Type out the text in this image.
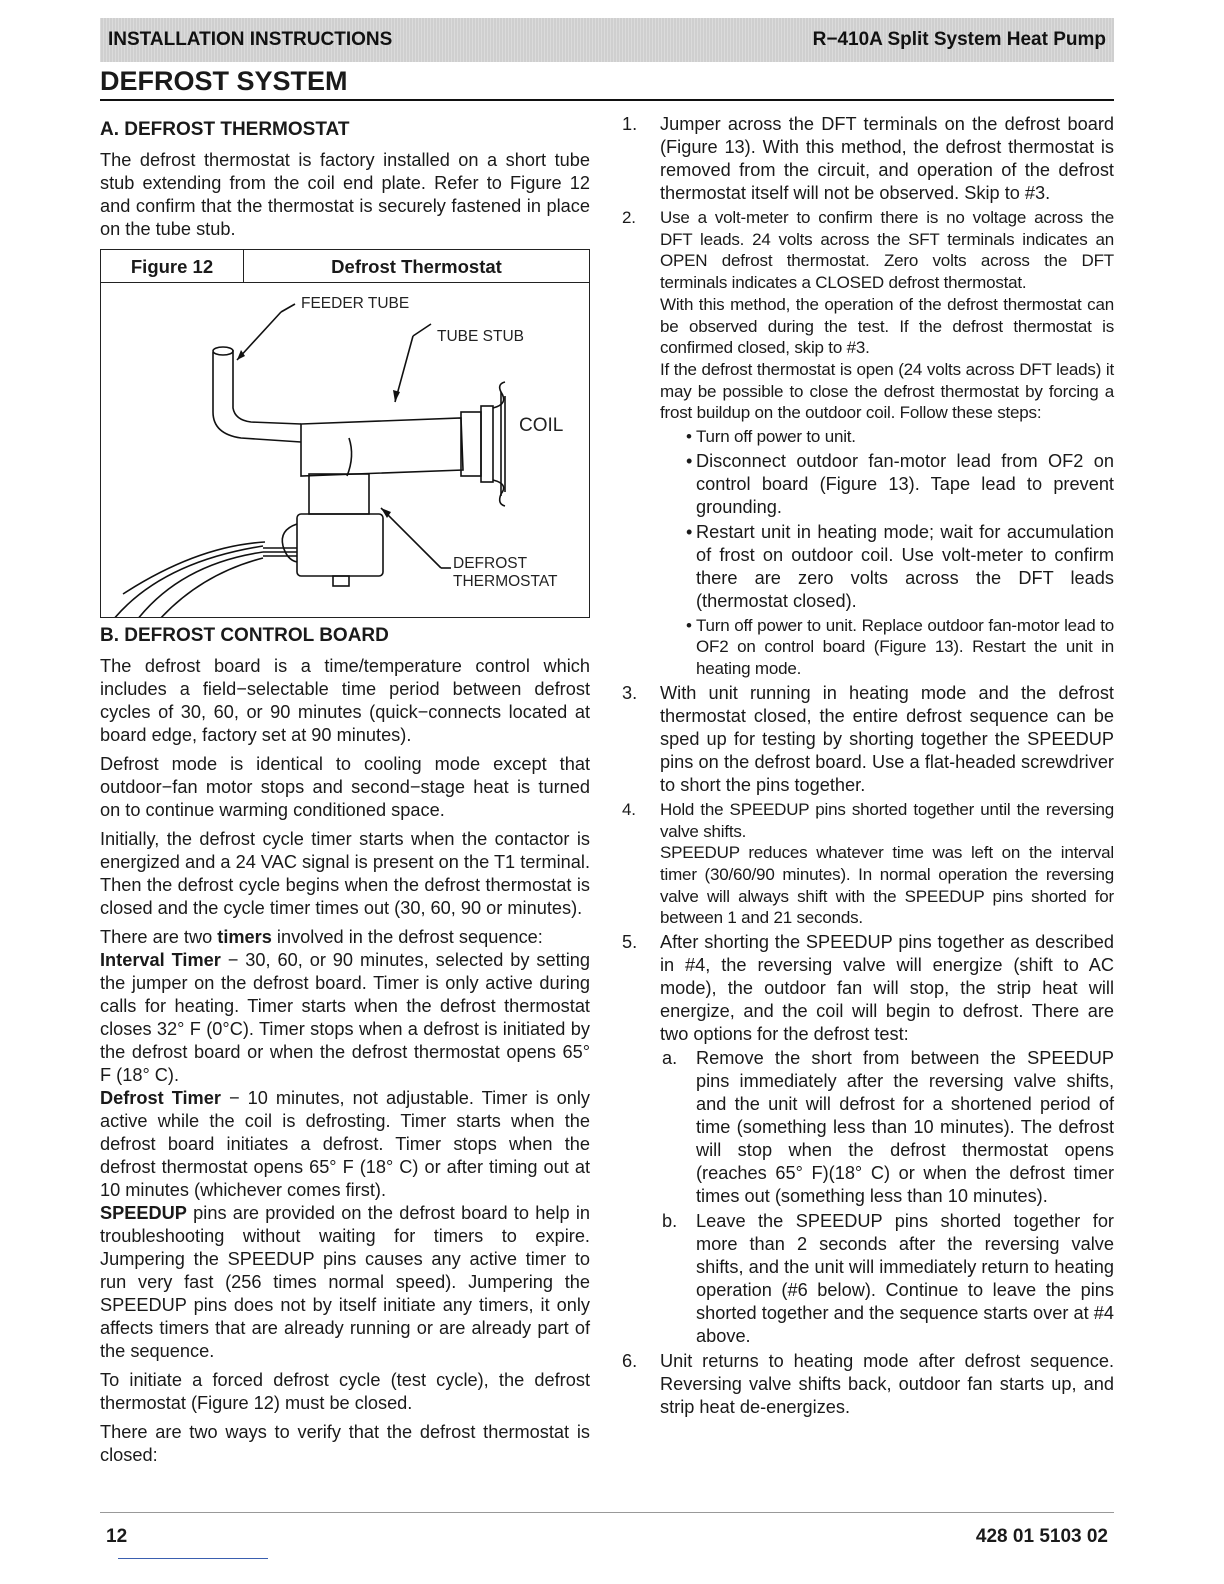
INSTALLATION INSTRUCTIONS	R−410A Split System Heat Pump
DEFROST SYSTEM
A. DEFROST THERMOSTAT

The defrost thermostat is factory installed on a short tube stub extending from the coil end plate. Refer to Figure 12 and confirm that the thermostat is securely fastened in place on the tube stub.

Figure 12	Defrost Thermostat
FEEDER TUBE
TUBE STUB
COIL
DEFROST
THERMOSTAT
B. DEFROST CONTROL BOARD

The defrost board is a time/temperature control which includes a field−selectable time period between defrost cycles of 30, 60, or 90 minutes (quick−connects located at board edge, factory set at 90 minutes).

Defrost mode is identical to cooling mode except that outdoor−fan motor stops and second−stage heat is turned on to continue warming conditioned space.

Initially, the defrost cycle timer starts when the contactor is energized and a 24 VAC signal is present on the T1 terminal. Then the defrost cycle begins when the defrost thermostat is closed and the cycle timer times out (30, 60, 90 or minutes).

There are two timers involved in the defrost sequence:

Interval Timer − 30, 60, or 90 minutes, selected by setting the jumper on the defrost board. Timer is only active during calls for heating. Timer starts when the defrost thermostat closes 32° F (0°C). Timer stops when a defrost is initiated by the defrost board or when the defrost thermostat opens 65° F (18° C).

Defrost Timer − 10 minutes, not adjustable. Timer is only active while the coil is defrosting. Timer starts when the defrost board initiates a defrost. Timer stops when the defrost thermostat opens 65° F (18° C) or after timing out at 10 minutes (whichever comes first).

SPEEDUP pins are provided on the defrost board to help in troubleshooting without waiting for timers to expire. Jumpering the SPEEDUP pins causes any active timer to run very fast (256 times normal speed). Jumpering the SPEEDUP pins does not by itself initiate any timers, it only affects timers that are already running or are already part of the sequence.

To initiate a forced defrost cycle (test cycle), the defrost thermostat (Figure 12) must be closed.

There are two ways to verify that the defrost thermostat is closed:

1. Jumper across the DFT terminals on the defrost board (Figure 13). With this method, the defrost thermostat is removed from the circuit, and operation of the defrost thermostat itself will not be observed. Skip to #3.
2. Use a volt-meter to confirm there is no voltage across the DFT leads. 24 volts across the SFT terminals indicates an OPEN defrost thermostat. Zero volts across the DFT terminals indicates a CLOSED defrost thermostat.
With this method, the operation of the defrost thermostat can be observed during the test. If the defrost thermostat is confirmed closed, skip to #3.
If the defrost thermostat is open (24 volts across DFT leads) it may be possible to close the defrost thermostat by forcing a frost buildup on the outdoor coil. Follow these steps:
• Turn off power to unit.
• Disconnect outdoor fan-motor lead from OF2 on control board (Figure 13). Tape lead to prevent grounding.
• Restart unit in heating mode; wait for accumulation of frost on outdoor coil. Use volt-meter to confirm there are zero volts across the DFT leads (thermostat closed).
• Turn off power to unit. Replace outdoor fan-motor lead to OF2 on control board (Figure 13). Restart the unit in heating mode.
3. With unit running in heating mode and the defrost thermostat closed, the entire defrost sequence can be sped up for testing by shorting together the SPEEDUP pins on the defrost board. Use a flat-headed screwdriver to short the pins together.
4. Hold the SPEEDUP pins shorted together until the reversing valve shifts.
SPEEDUP reduces whatever time was left on the interval timer (30/60/90 minutes). In normal operation the reversing valve will always shift with the SPEEDUP pins shorted for between 1 and 21 seconds.
5. After shorting the SPEEDUP pins together as described in #4, the reversing valve will energize (shift to AC mode), the outdoor fan will stop, the strip heat will energize, and the coil will begin to defrost. There are two options for the defrost test:
a. Remove the short from between the SPEEDUP pins immediately after the reversing valve shifts, and the unit will defrost for a shortened period of time (something less than 10 minutes). The defrost will stop when the defrost thermostat opens (reaches 65° F)(18° C) or when the defrost timer times out (something less than 10 minutes).
b. Leave the SPEEDUP pins shorted together for more than 2 seconds after the reversing valve shifts, and the unit will immediately return to heating operation (#6 below). Continue to leave the pins shorted together and the sequence starts over at #4 above.
6. Unit returns to heating mode after defrost sequence. Reversing valve shifts back, outdoor fan starts up, and strip heat de-energizes.
12	428 01 5103 02
